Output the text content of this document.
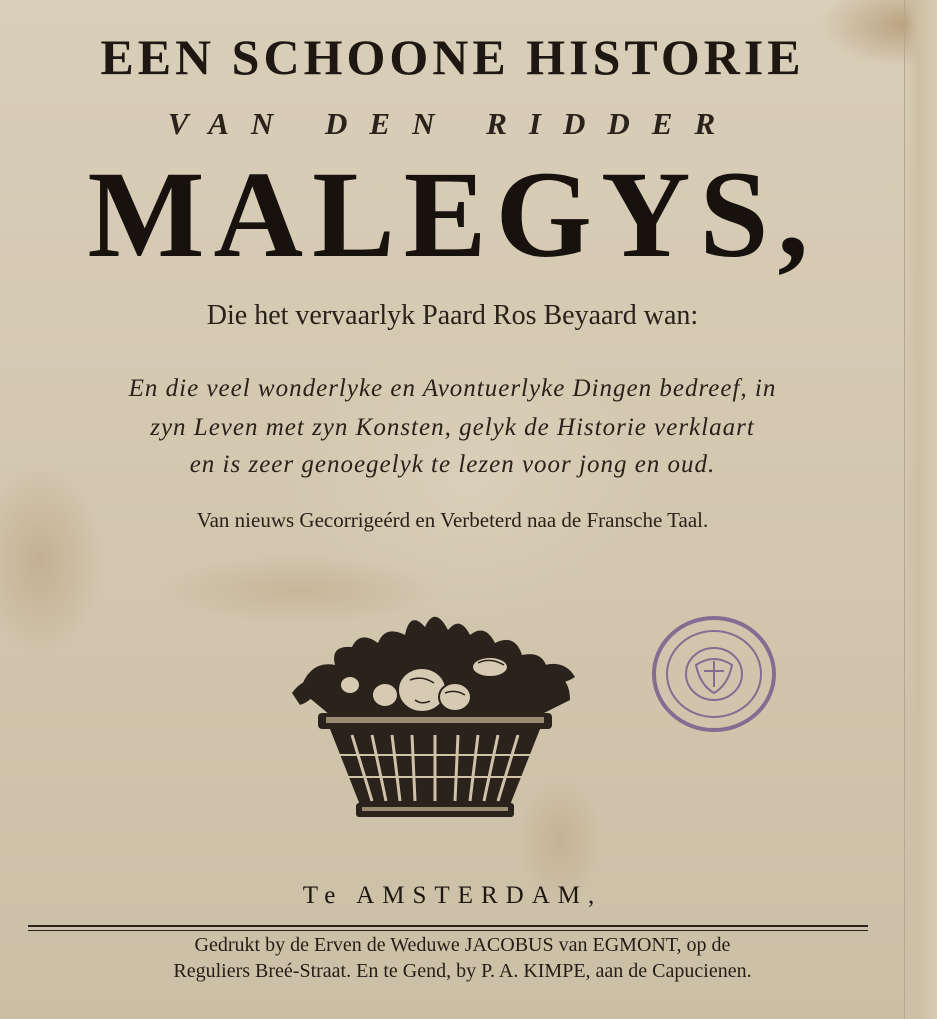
EEN SCHOONE HISTORIE
VAN DEN RIDDER
MALEGYS,
Die het vervaarlyk Paard Ros Beyaard wan:
En die veel wonderlyke en Avontuerlyke Dingen bedreef, in
zyn Leven met zyn Konsten, gelyk de Historie verklaart
en is zeer genoegelyk te lezen voor jong en oud.
Van nieuws Gecorrigeérd en Verbeterd naa de Fransche Taal.
Te AMSTERDAM,
Gedrukt by de Erven de Weduwe JACOBUS van EGMONT, op de
Reguliers Breé-Straat. En te Gend, by P. A. KIMPE, aan de Capucienen.
